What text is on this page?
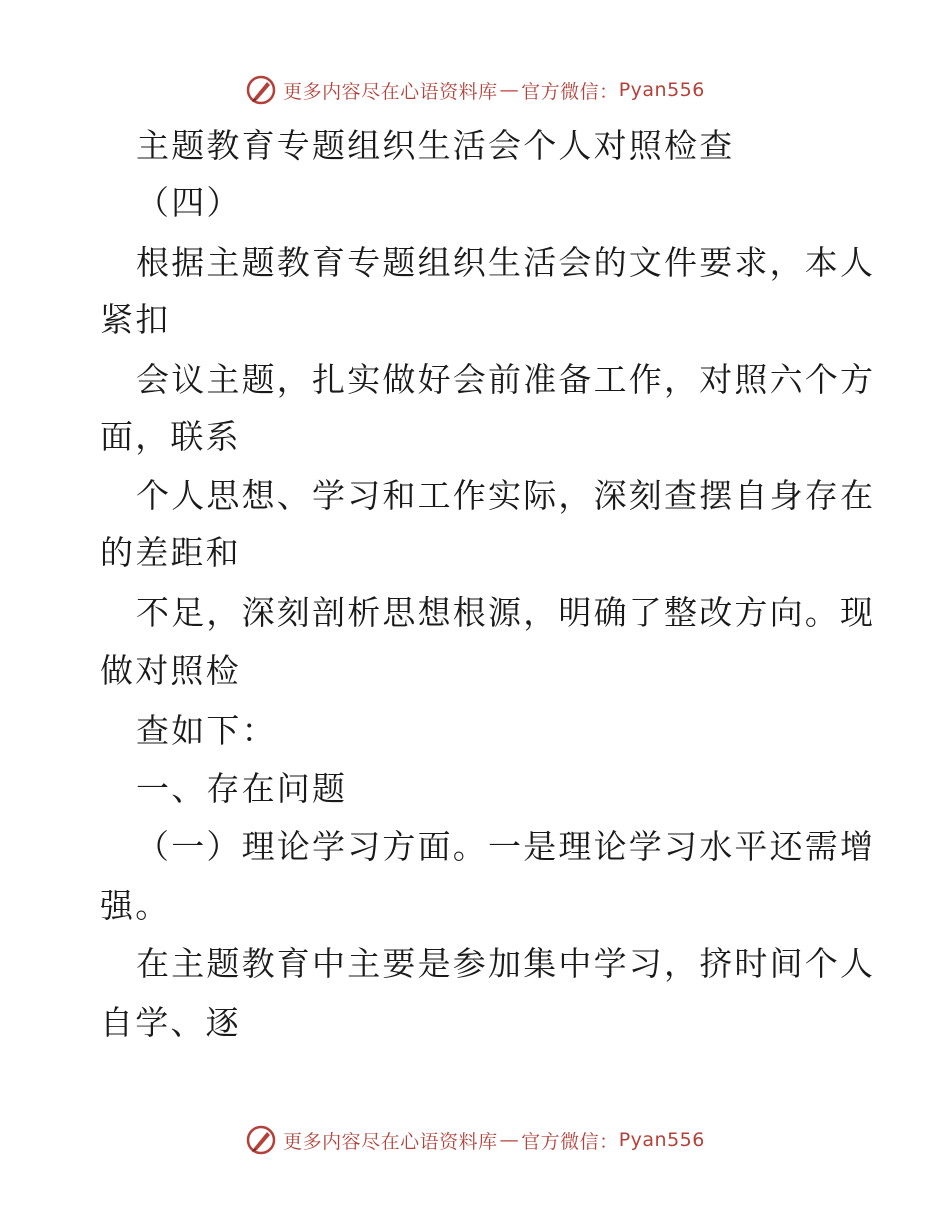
更多内容尽在心语资料库 — 官方微信： Pyan556
主题教育专题组织生活会个人对照检查
（四）
根据主题教育专题组织生活会的文件要求，本人
紧扣
会议主题，扎实做好会前准备工作，对照六个方
面，联系
个人思想、学习和工作实际，深刻查摆自身存在
的差距和
不足，深刻剖析思想根源，明确了整改方向。现
做对照检
查如下：
一、存在问题
（一）理论学习方面。一是理论学习水平还需增
强。
在主题教育中主要是参加集中学习，挤时间个人
自学、逐
更多内容尽在心语资料库 — 官方微信： Pyan556
